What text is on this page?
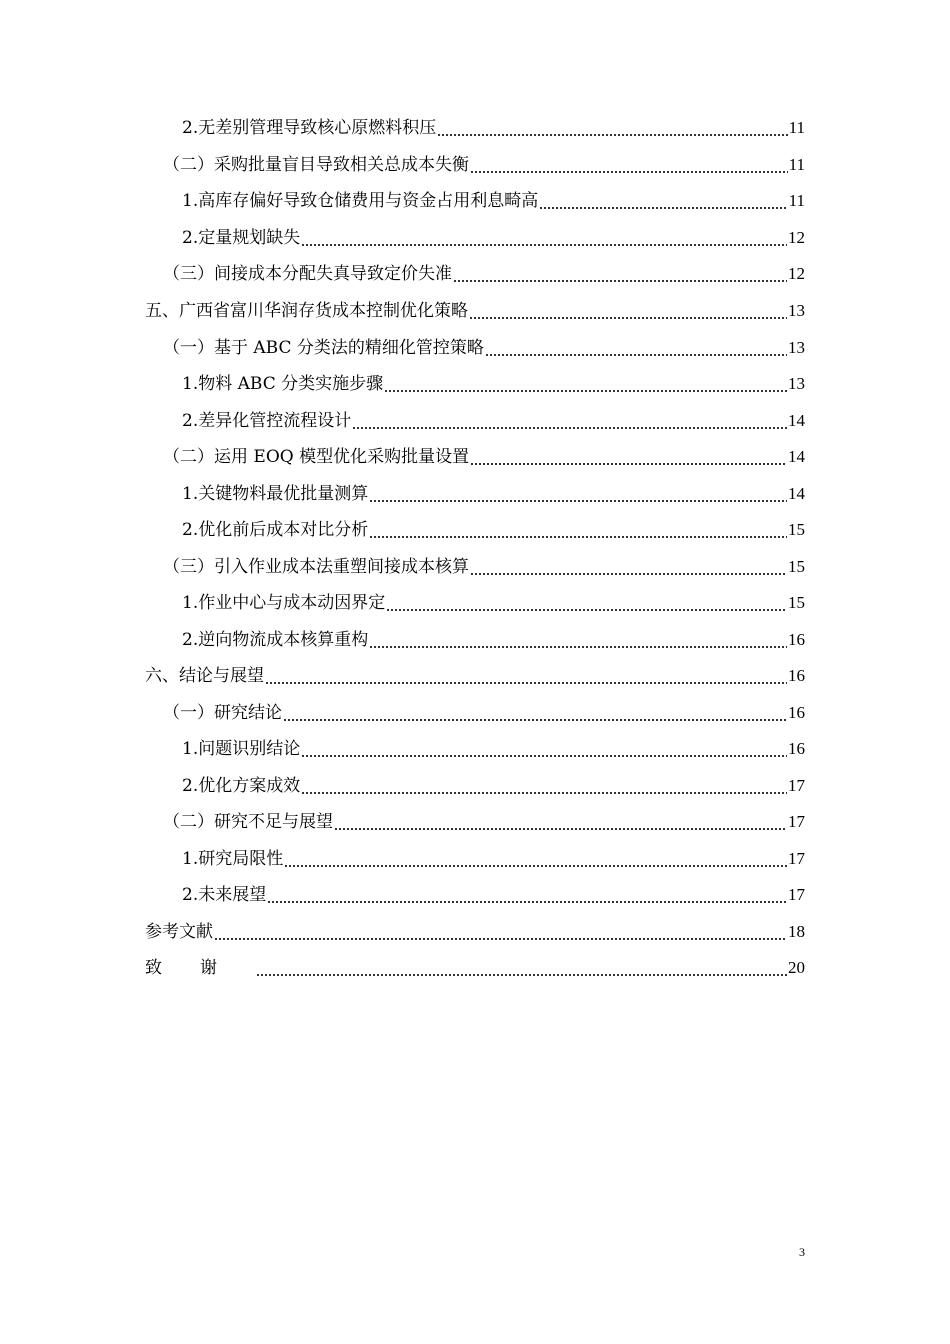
2.无差别管理导致核心原燃料积压	11
（二）采购批量盲目导致相关总成本失衡	11
1.高库存偏好导致仓储费用与资金占用利息畸高	11
2.定量规划缺失	12
（三）间接成本分配失真导致定价失准	12
五、广西省富川华润存货成本控制优化策略	13
（一）基于 ABC 分类法的精细化管控策略	13
1.物料 ABC 分类实施步骤	13
2.差异化管控流程设计	14
（二）运用 EOQ 模型优化采购批量设置	14
1.关键物料最优批量测算	14
2.优化前后成本对比分析	15
（三）引入作业成本法重塑间接成本核算	15
1.作业中心与成本动因界定	15
2.逆向物流成本核算重构	16
六、结论与展望	16
（一）研究结论	16
1.问题识别结论	16
2.优化方案成效	17
（二）研究不足与展望	17
1.研究局限性	17
2.未来展望	17
参考文献	18
致谢	20
3
